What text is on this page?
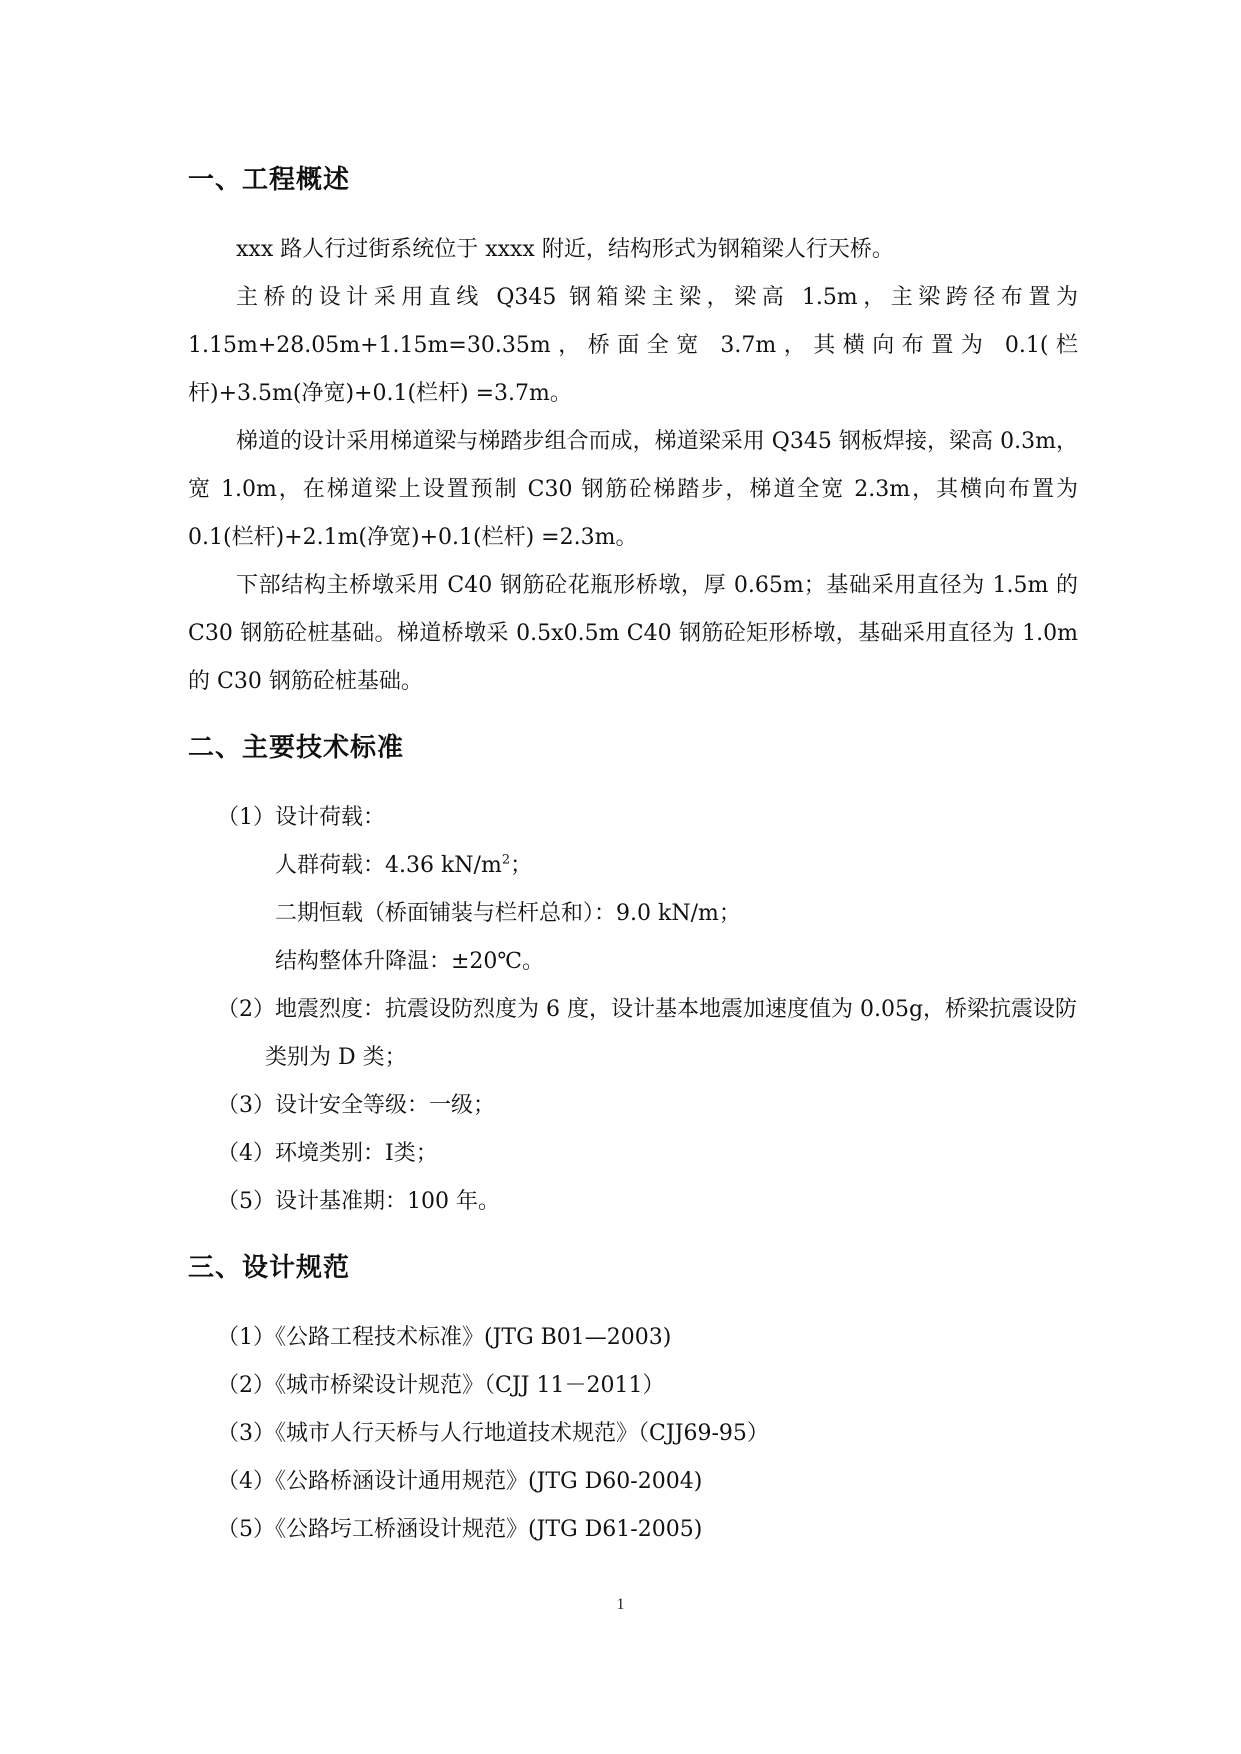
一、工程概述

xxx 路人行过街系统位于 xxxx 附近，结构形式为钢箱梁人行天桥。

主桥的设计采用直线 Q345 钢箱梁主梁，梁高 1.5m，主梁跨径布置为 1.15m+28.05m+1.15m=30.35m，桥面全宽 3.7m，其横向布置为 0.1(栏杆)+3.5m(净宽)+0.1(栏杆) =3.7m。

梯道的设计采用梯道梁与梯踏步组合而成，梯道梁采用 Q345 钢板焊接，梁高 0.3m，宽 1.0m，在梯道梁上设置预制 C30 钢筋砼梯踏步，梯道全宽 2.3m，其横向布置为 0.1(栏杆)+2.1m(净宽)+0.1(栏杆) =2.3m。

下部结构主桥墩采用 C40 钢筋砼花瓶形桥墩，厚 0.65m；基础采用直径为 1.5m 的 C30 钢筋砼桩基础。梯道桥墩采 0.5x0.5m C40 钢筋砼矩形桥墩，基础采用直径为 1.0m 的 C30 钢筋砼桩基础。

二、主要技术标准

（1）设计荷载：

人群荷载：4.36 $kN/m^2$；

二期恒载（桥面铺装与栏杆总和）：9.0 kN/m；

结构整体升降温：±20℃。

（2）地震烈度：抗震设防烈度为 6 度，设计基本地震加速度值为 0.05g，桥梁抗震设防类别为 D 类；

（3）设计安全等级：一级；

（4）环境类别：Ⅰ类；

（5）设计基准期：100 年。

三、设计规范

（1）《公路工程技术标准》(JTG B01—2003)

（2）《城市桥梁设计规范》（CJJ 11－2011）

（3）《城市人行天桥与人行地道技术规范》（CJJ69-95）

（4）《公路桥涵设计通用规范》(JTG D60-2004)

（5）《公路圬工桥涵设计规范》(JTG D61-2005)

1
